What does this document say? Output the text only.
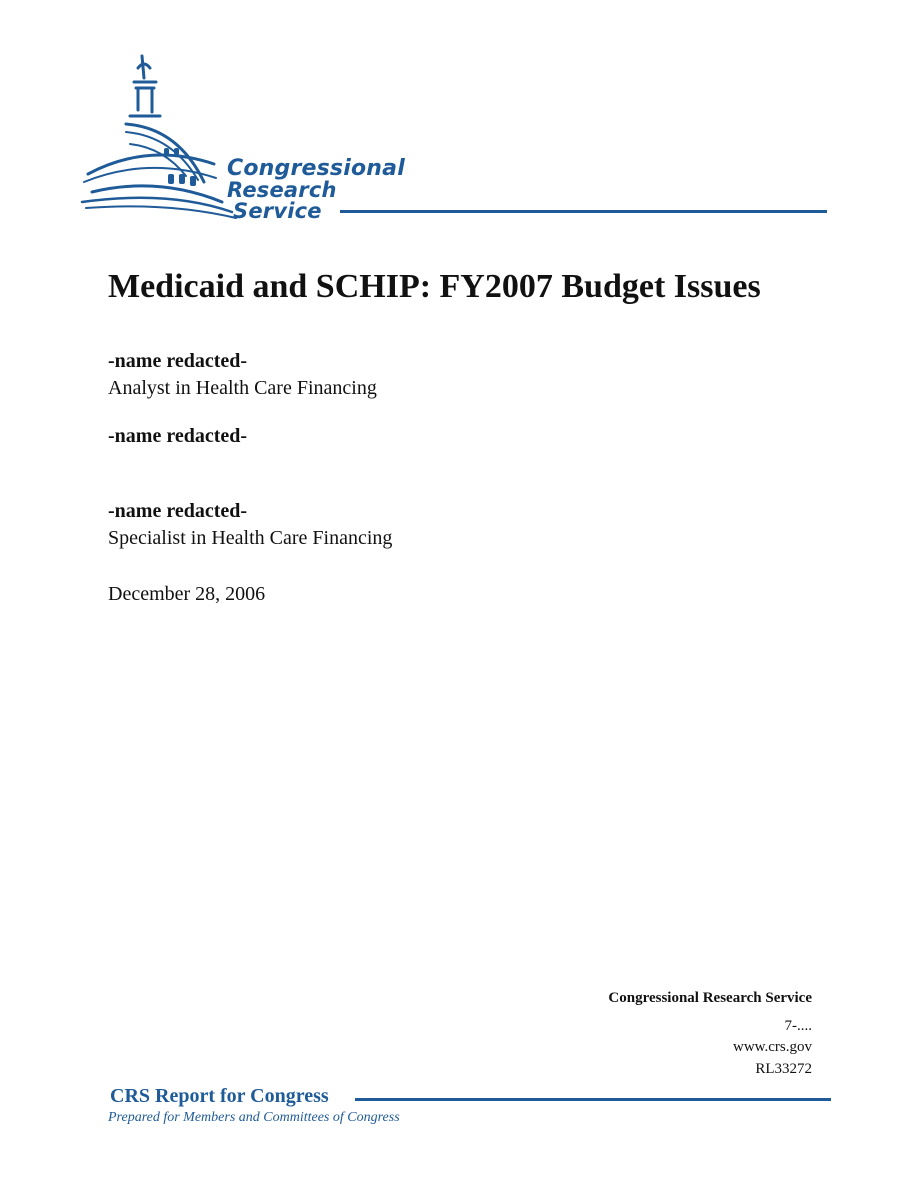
Congressional
Research
Service
Medicaid and SCHIP: FY2007 Budget Issues
-name redacted-
Analyst in Health Care Financing
-name redacted-
-name redacted-
Specialist in Health Care Financing
December 28, 2006
Congressional Research Service
7-....
www.crs.gov
RL33272
CRS Report for Congress
Prepared for Members and Committees of Congress
